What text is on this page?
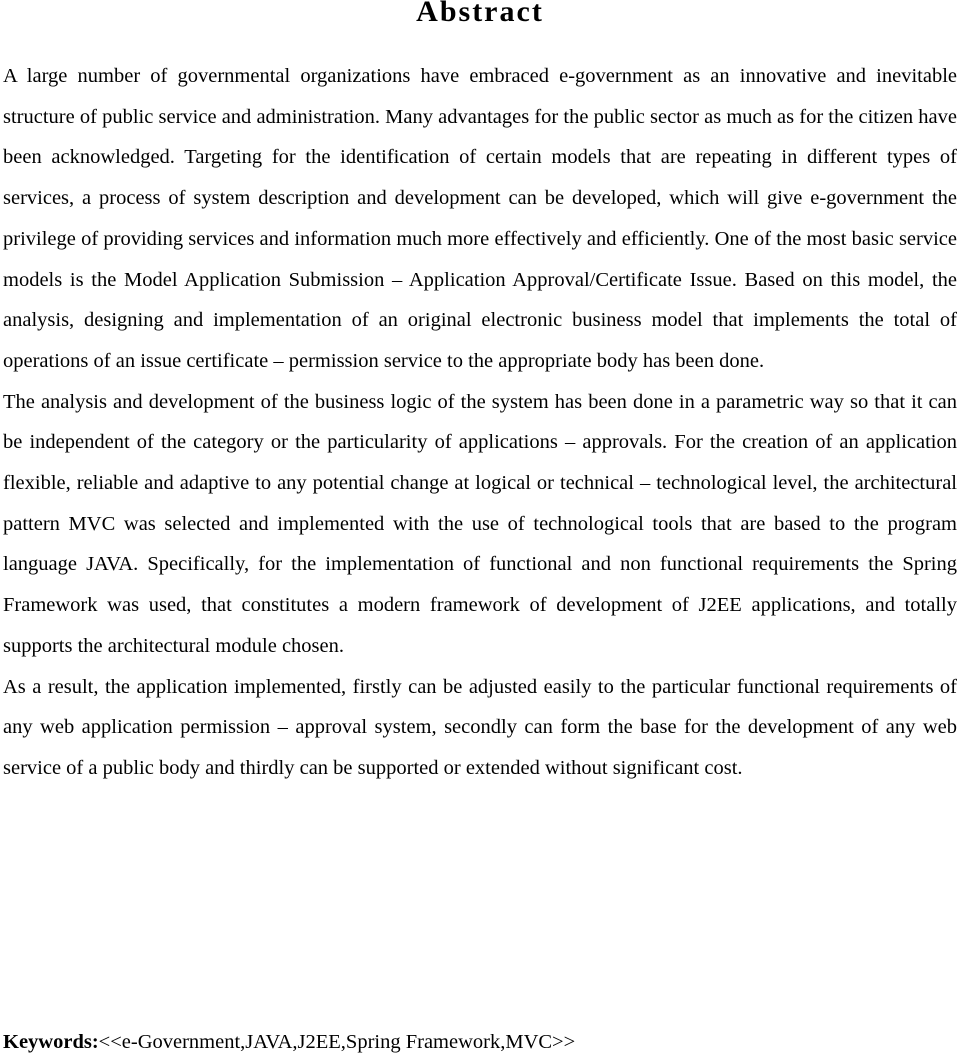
Abstract

A large number of governmental organizations have embraced e-government as an innovative and inevitable structure of public service and administration. Many advantages for the public sector as much as for the citizen have been acknowledged. Targeting for the identification of certain models that are repeating in different types of services, a process of system description and development can be developed, which will give e-government the privilege of providing services and information much more effectively and efficiently. One of the most basic service models is the Model Application Submission – Application Approval/Certificate Issue. Based on this model, the analysis, designing and implementation of an original electronic business model that implements the total of operations of an issue certificate – permission service to the appropriate body has been done.

The analysis and development of the business logic of the system has been done in a parametric way so that it can be independent of the category or the particularity of applications – approvals. For the creation of an application flexible, reliable and adaptive to any potential change at logical or technical – technological level, the architectural pattern MVC was selected and implemented with the use of technological tools that are based to the program language JAVA. Specifically, for the implementation of functional and non functional requirements the Spring Framework was used, that constitutes a modern framework of development of J2EE applications, and totally supports the architectural module chosen.

As a result, the application implemented, firstly can be adjusted easily to the particular functional requirements of any web application permission – approval system, secondly can form the base for the development of any web service of a public body and thirdly can be supported or extended without significant cost.

Keywords:<<e-Government,JAVA,J2EE,Spring Framework,MVC>>
